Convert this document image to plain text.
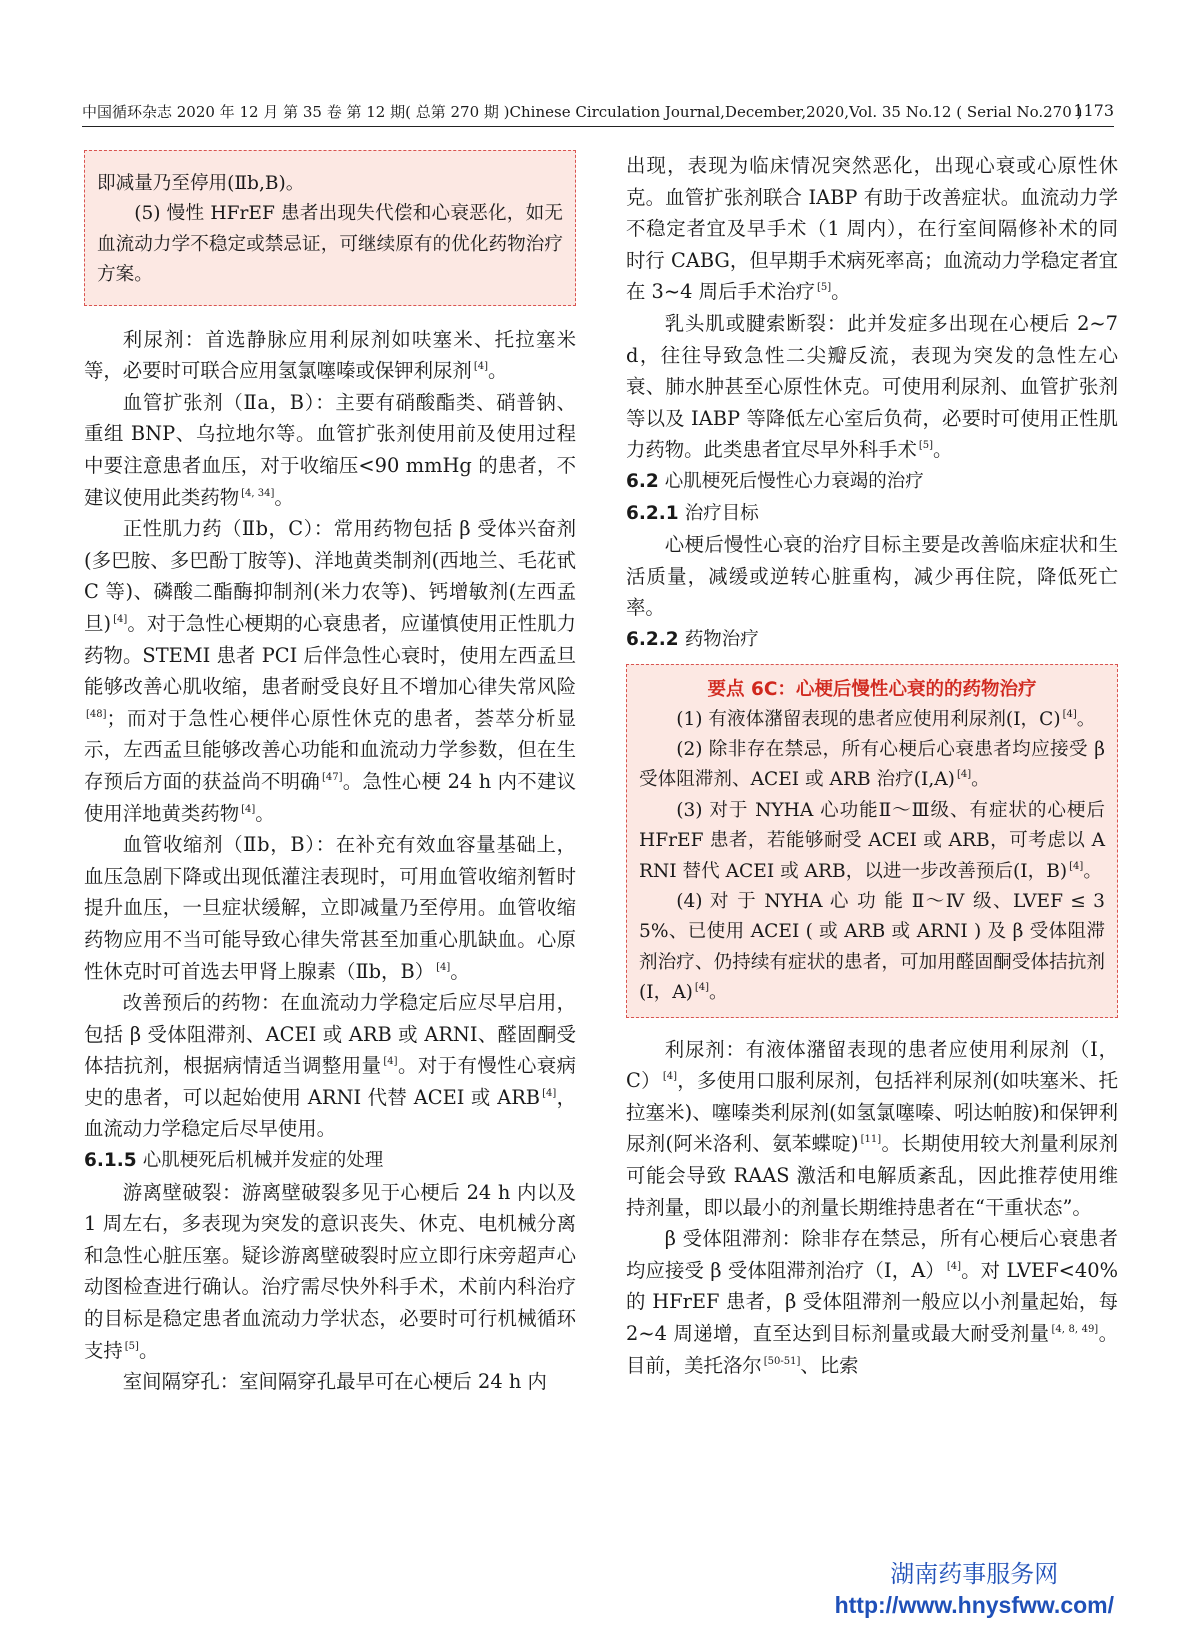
中国循环杂志 2020 年 12 月 第 35 卷 第 12 期( 总第 270 期 )Chinese Circulation Journal,December,2020,Vol. 35 No.12 ( Serial No.270 )
1173

即减量乃至停用(Ⅱb,B)。

(5) 慢性 HFrEF 患者出现失代偿和心衰恶化，如无血流动力学不稳定或禁忌证，可继续原有的优化药物治疗方案。

利尿剂：首选静脉应用利尿剂如呋塞米、托拉塞米等，必要时可联合应用氢氯噻嗪或保钾利尿剂 [4]。

血管扩张剂（Ⅱa，B）：主要有硝酸酯类、硝普钠、重组 BNP、乌拉地尔等。血管扩张剂使用前及使用过程中要注意患者血压，对于收缩压<90 mmHg 的患者，不建议使用此类药物 [4, 34]。

正性肌力药（Ⅱb，C）：常用药物包括 β 受体兴奋剂(多巴胺、多巴酚丁胺等)、洋地黄类制剂(西地兰、毛花甙 C 等)、磷酸二酯酶抑制剂(米力农等)、钙增敏剂(左西孟旦) [4]。对于急性心梗期的心衰患者，应谨慎使用正性肌力药物。STEMI 患者 PCI 后伴急性心衰时，使用左西孟旦能够改善心肌收缩，患者耐受良好且不增加心律失常风险[48]；而对于急性心梗伴心原性休克的患者，荟萃分析显示，左西孟旦能够改善心功能和血流动力学参数，但在生存预后方面的获益尚不明确 [47]。急性心梗 24 h 内不建议使用洋地黄类药物 [4]。

血管收缩剂（Ⅱb，B）：在补充有效血容量基础上，血压急剧下降或出现低灌注表现时，可用血管收缩剂暂时提升血压，一旦症状缓解，立即减量乃至停用。血管收缩药物应用不当可能导致心律失常甚至加重心肌缺血。心原性休克时可首选去甲肾上腺素（Ⅱb，B） [4]。

改善预后的药物：在血流动力学稳定后应尽早启用，包括 β 受体阻滞剂、ACEI 或 ARB 或 ARNI、醛固酮受体拮抗剂，根据病情适当调整用量 [4]。对于有慢性心衰病史的患者，可以起始使用 ARNI 代替 ACEI 或 ARB [4]，血流动力学稳定后尽早使用。

6.1.5 心肌梗死后机械并发症的处理

游离壁破裂：游离壁破裂多见于心梗后 24 h 内以及 1 周左右，多表现为突发的意识丧失、休克、电机械分离和急性心脏压塞。疑诊游离壁破裂时应立即行床旁超声心动图检查进行确认。治疗需尽快外科手术，术前内科治疗的目标是稳定患者血流动力学状态，必要时可行机械循环支持 [5]。

室间隔穿孔：室间隔穿孔最早可在心梗后 24 h 内

出现，表现为临床情况突然恶化，出现心衰或心原性休克。血管扩张剂联合 IABP 有助于改善症状。血流动力学不稳定者宜及早手术（1 周内），在行室间隔修补术的同时行 CABG，但早期手术病死率高；血流动力学稳定者宜在 3~4 周后手术治疗 [5]。

乳头肌或腱索断裂：此并发症多出现在心梗后 2~7 d，往往导致急性二尖瓣反流，表现为突发的急性左心衰、肺水肿甚至心原性休克。可使用利尿剂、血管扩张剂等以及 IABP 等降低左心室后负荷，必要时可使用正性肌力药物。此类患者宜尽早外科手术 [5]。

6.2 心肌梗死后慢性心力衰竭的治疗

6.2.1 治疗目标

心梗后慢性心衰的治疗目标主要是改善临床症状和生活质量，减缓或逆转心脏重构，减少再住院，降低死亡率。

6.2.2 药物治疗

要点 6C：心梗后慢性心衰的的药物治疗

(1) 有液体潴留表现的患者应使用利尿剂(Ⅰ，C) [4]。

(2) 除非存在禁忌，所有心梗后心衰患者均应接受 β 受体阻滞剂、ACEI 或 ARB 治疗(Ⅰ,A) [4]。

(3) 对于 NYHA 心功能Ⅱ～Ⅲ级、有症状的心梗后 HFrEF 患者，若能够耐受 ACEI 或 ARB，可考虑以 ARNI 替代 ACEI 或 ARB，以进一步改善预后(Ⅰ，B) [4]。

(4) 对 于 NYHA 心 功 能 Ⅱ～Ⅳ 级、LVEF ≤ 35%、已使用 ACEI ( 或 ARB 或 ARNI ) 及 β 受体阻滞剂治疗、仍持续有症状的患者，可加用醛固酮受体拮抗剂(Ⅰ，A) [4]。

利尿剂：有液体潴留表现的患者应使用利尿剂（Ⅰ，C） [4]，多使用口服利尿剂，包括袢利尿剂(如呋塞米、托拉塞米)、噻嗪类利尿剂(如氢氯噻嗪、吲达帕胺)和保钾利尿剂(阿米洛利、氨苯蝶啶) [11]。长期使用较大剂量利尿剂可能会导致 RAAS 激活和电解质紊乱，因此推荐使用维持剂量，即以最小的剂量长期维持患者在“干重状态”。

β 受体阻滞剂：除非存在禁忌，所有心梗后心衰患者均应接受 β 受体阻滞剂治疗（Ⅰ，A） [4]。对 LVEF<40% 的 HFrEF 患者，β 受体阻滞剂一般应以小剂量起始，每 2~4 周递增，直至达到目标剂量或最大耐受剂量 [4, 8, 49]。目前，美托洛尔 [50-51]、比索

湖南药事服务网
http://www.hnysfww.com/
